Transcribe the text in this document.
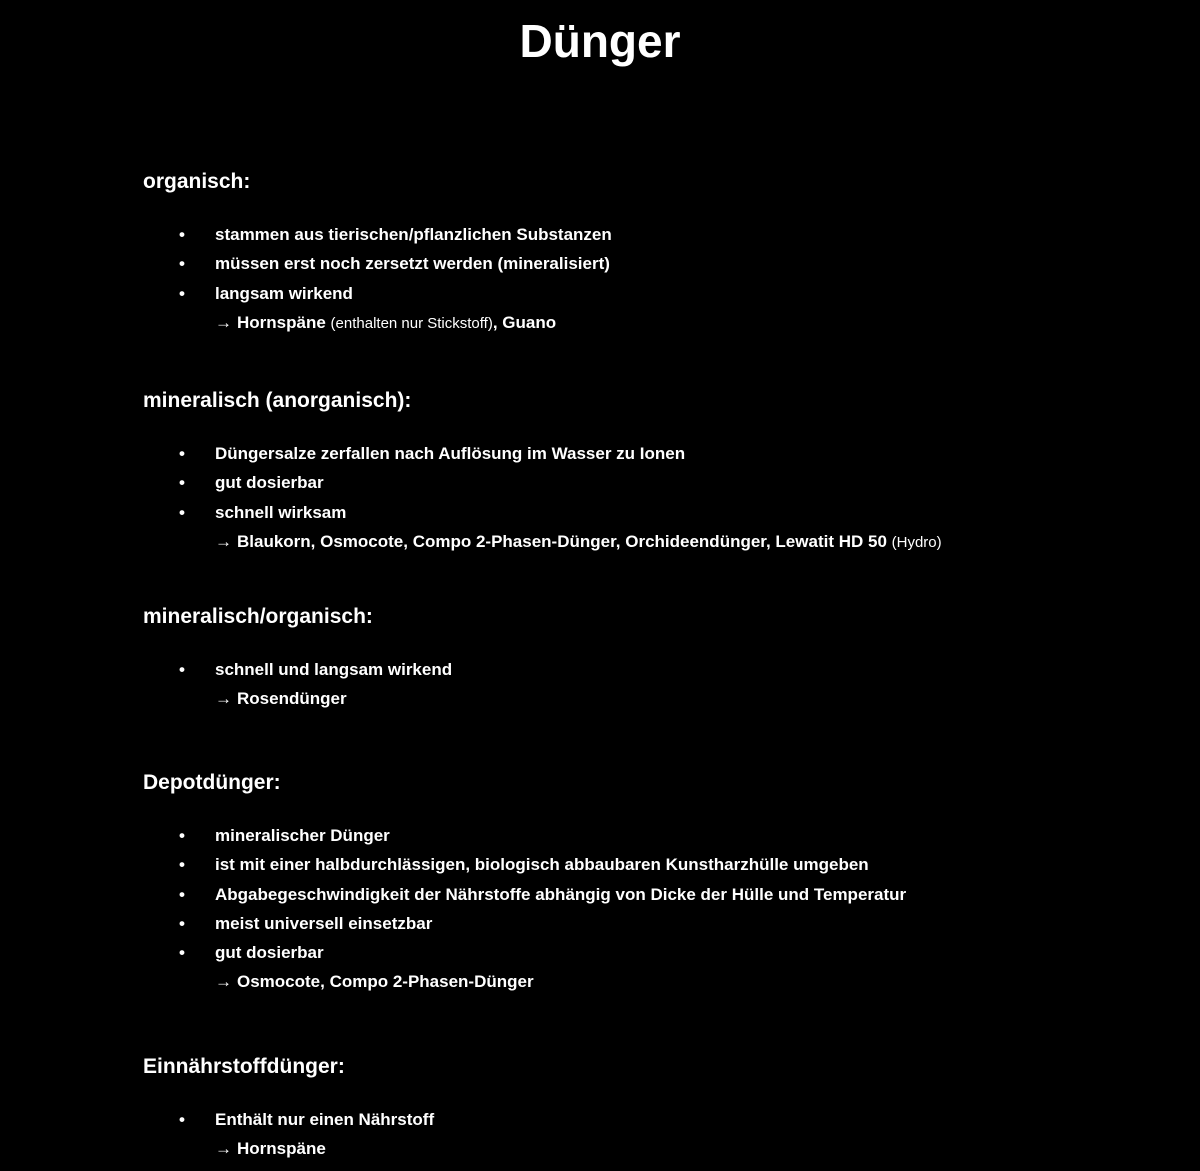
Dünger
organisch:
• stammen aus tierischen/pflanzlichen Substanzen
• müssen erst noch zersetzt werden (mineralisiert)
• langsam wirkend
→ Hornspäne (enthalten nur Stickstoff), Guano
mineralisch (anorganisch):
• Düngersalze zerfallen nach Auflösung im Wasser zu Ionen
• gut dosierbar
• schnell wirksam
→ Blaukorn, Osmocote, Compo 2-Phasen-Dünger, Orchideendünger, Lewatit HD 50 (Hydro)
mineralisch/organisch:
• schnell und langsam wirkend
→ Rosendünger
Depotdünger:
• mineralischer Dünger
• ist mit einer halbdurchlässigen, biologisch abbaubaren Kunstharzhülle umgeben
• Abgabegeschwindigkeit der Nährstoffe abhängig von Dicke der Hülle und Temperatur
• meist universell einsetzbar
• gut dosierbar
→ Osmocote, Compo 2-Phasen-Dünger
Einnährstoffdünger:
• Enthält nur einen Nährstoff
→ Hornspäne
